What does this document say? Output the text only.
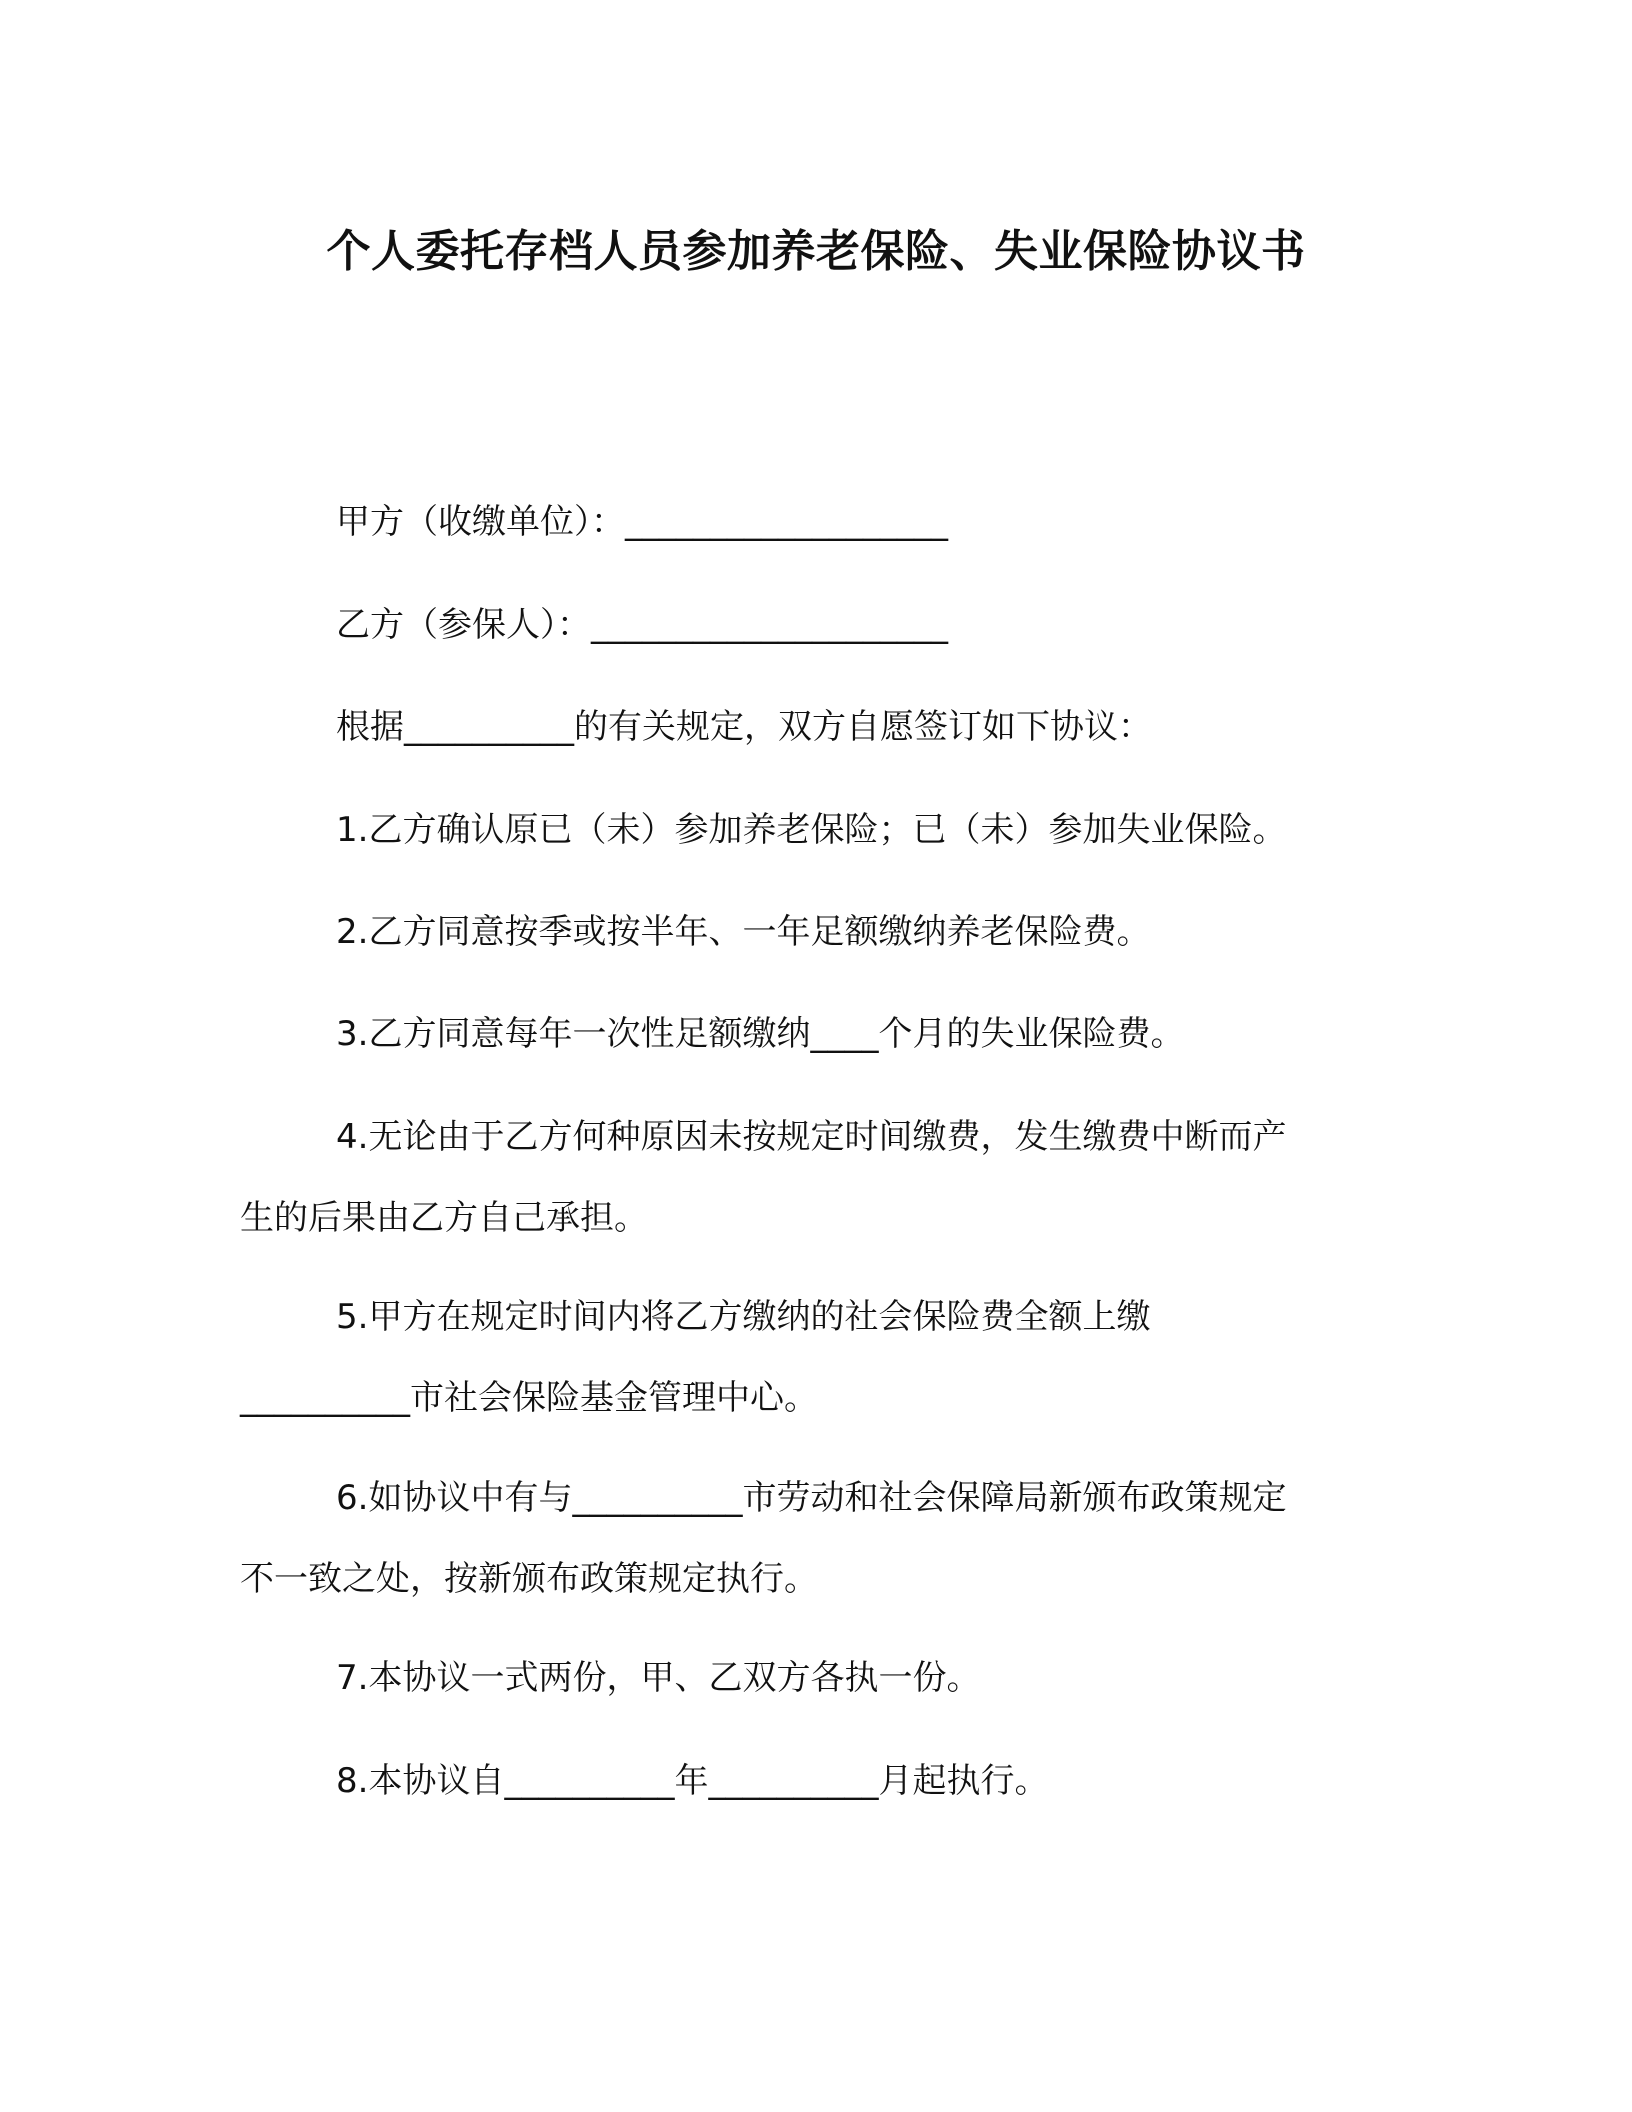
个人委托存档人员参加养老保险、失业保险协议书
甲方（收缴单位）：___________________
乙方（参保人）：_____________________
根据__________的有关规定，双方自愿签订如下协议：
1.乙方确认原已（未）参加养老保险；已（未）参加失业保险。
2.乙方同意按季或按半年、一年足额缴纳养老保险费。
3.乙方同意每年一次性足额缴纳____个月的失业保险费。
4.无论由于乙方何种原因未按规定时间缴费，发生缴费中断而产
生的后果由乙方自己承担。
5.甲方在规定时间内将乙方缴纳的社会保险费全额上缴
__________市社会保险基金管理中心。
6.如协议中有与__________市劳动和社会保障局新颁布政策规定
不一致之处，按新颁布政策规定执行。
7.本协议一式两份，甲、乙双方各执一份。
8.本协议自__________年__________月起执行。
